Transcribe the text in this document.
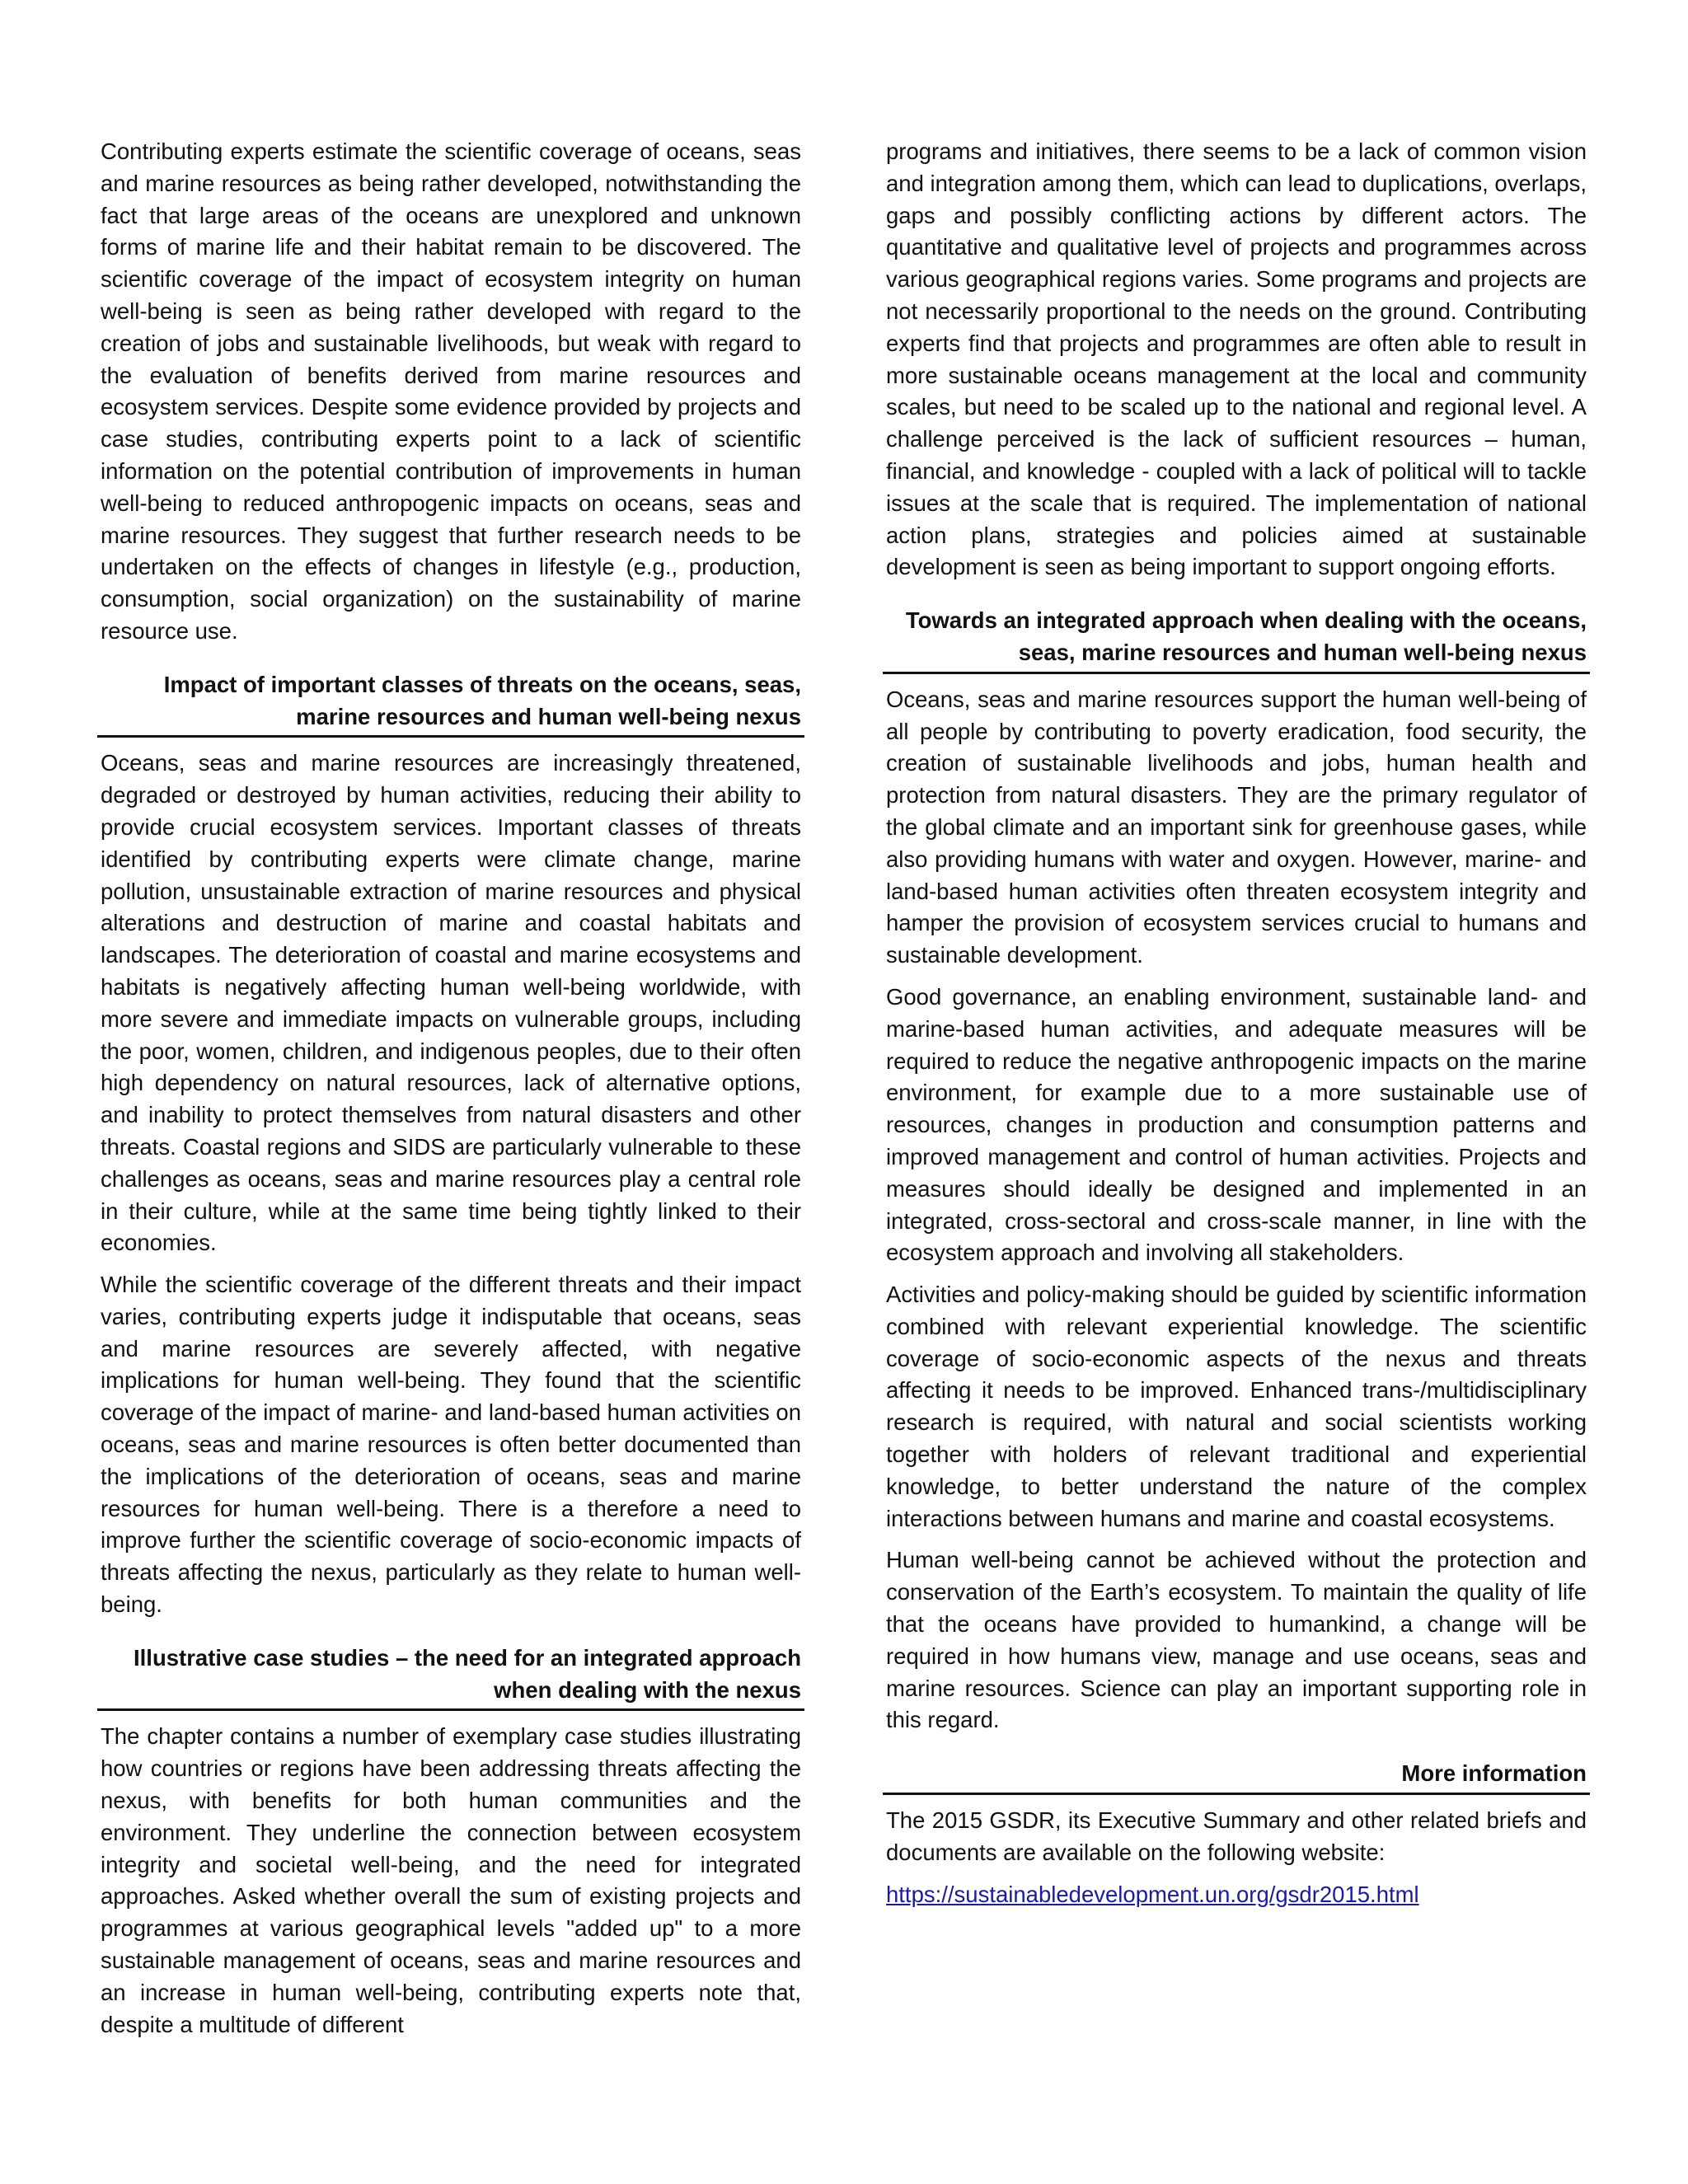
Contributing experts estimate the scientific coverage of oceans, seas and marine resources as being rather developed, notwithstanding the fact that large areas of the oceans are unexplored and unknown forms of marine life and their habitat remain to be discovered. The scientific coverage of the impact of ecosystem integrity on human well-being is seen as being rather developed with regard to the creation of jobs and sustainable livelihoods, but weak with regard to the evaluation of benefits derived from marine resources and ecosystem services. Despite some evidence provided by projects and case studies, contributing experts point to a lack of scientific information on the potential contribution of improvements in human well-being to reduced anthropogenic impacts on oceans, seas and marine resources. They suggest that further research needs to be undertaken on the effects of changes in lifestyle (e.g., production, consumption, social organization) on the sustainability of marine resource use.

Impact of important classes of threats on the oceans, seas, marine resources and human well-being nexus

Oceans, seas and marine resources are increasingly threatened, degraded or destroyed by human activities, reducing their ability to provide crucial ecosystem services. Important classes of threats identified by contributing experts were climate change, marine pollution, unsustainable extraction of marine resources and physical alterations and destruction of marine and coastal habitats and landscapes. The deterioration of coastal and marine ecosystems and habitats is negatively affecting human well-being worldwide, with more severe and immediate impacts on vulnerable groups, including the poor, women, children, and indigenous peoples, due to their often high dependency on natural resources, lack of alternative options, and inability to protect themselves from natural disasters and other threats. Coastal regions and SIDS are particularly vulnerable to these challenges as oceans, seas and marine resources play a central role in their culture, while at the same time being tightly linked to their economies.

While the scientific coverage of the different threats and their impact varies, contributing experts judge it indisputable that oceans, seas and marine resources are severely affected, with negative implications for human well-being. They found that the scientific coverage of the impact of marine- and land-based human activities on oceans, seas and marine resources is often better documented than the implications of the deterioration of oceans, seas and marine resources for human well-being. There is a therefore a need to improve further the scientific coverage of socio-economic impacts of threats affecting the nexus, particularly as they relate to human well-being.

Illustrative case studies – the need for an integrated approach when dealing with the nexus

The chapter contains a number of exemplary case studies illustrating how countries or regions have been addressing threats affecting the nexus, with benefits for both human communities and the environment. They underline the connection between ecosystem integrity and societal well-being, and the need for integrated approaches. Asked whether overall the sum of existing projects and programmes at various geographical levels "added up" to a more sustainable management of oceans, seas and marine resources and an increase in human well-being, contributing experts note that, despite a multitude of different

programs and initiatives, there seems to be a lack of common vision and integration among them, which can lead to duplications, overlaps, gaps and possibly conflicting actions by different actors. The quantitative and qualitative level of projects and programmes across various geographical regions varies. Some programs and projects are not necessarily proportional to the needs on the ground. Contributing experts find that projects and programmes are often able to result in more sustainable oceans management at the local and community scales, but need to be scaled up to the national and regional level. A challenge perceived is the lack of sufficient resources – human, financial, and knowledge - coupled with a lack of political will to tackle issues at the scale that is required. The implementation of national action plans, strategies and policies aimed at sustainable development is seen as being important to support ongoing efforts.

Towards an integrated approach when dealing with the oceans, seas, marine resources and human well-being nexus

Oceans, seas and marine resources support the human well-being of all people by contributing to poverty eradication, food security, the creation of sustainable livelihoods and jobs, human health and protection from natural disasters. They are the primary regulator of the global climate and an important sink for greenhouse gases, while also providing humans with water and oxygen. However, marine- and land-based human activities often threaten ecosystem integrity and hamper the provision of ecosystem services crucial to humans and sustainable development.

Good governance, an enabling environment, sustainable land- and marine-based human activities, and adequate measures will be required to reduce the negative anthropogenic impacts on the marine environment, for example due to a more sustainable use of resources, changes in production and consumption patterns and improved management and control of human activities. Projects and measures should ideally be designed and implemented in an integrated, cross-sectoral and cross-scale manner, in line with the ecosystem approach and involving all stakeholders.

Activities and policy-making should be guided by scientific information combined with relevant experiential knowledge. The scientific coverage of socio-economic aspects of the nexus and threats affecting it needs to be improved. Enhanced trans-/multidisciplinary research is required, with natural and social scientists working together with holders of relevant traditional and experiential knowledge, to better understand the nature of the complex interactions between humans and marine and coastal ecosystems.

Human well-being cannot be achieved without the protection and conservation of the Earth’s ecosystem. To maintain the quality of life that the oceans have provided to humankind, a change will be required in how humans view, manage and use oceans, seas and marine resources. Science can play an important supporting role in this regard.

More information

The 2015 GSDR, its Executive Summary and other related briefs and documents are available on the following website:

https://sustainabledevelopment.un.org/gsdr2015.html
